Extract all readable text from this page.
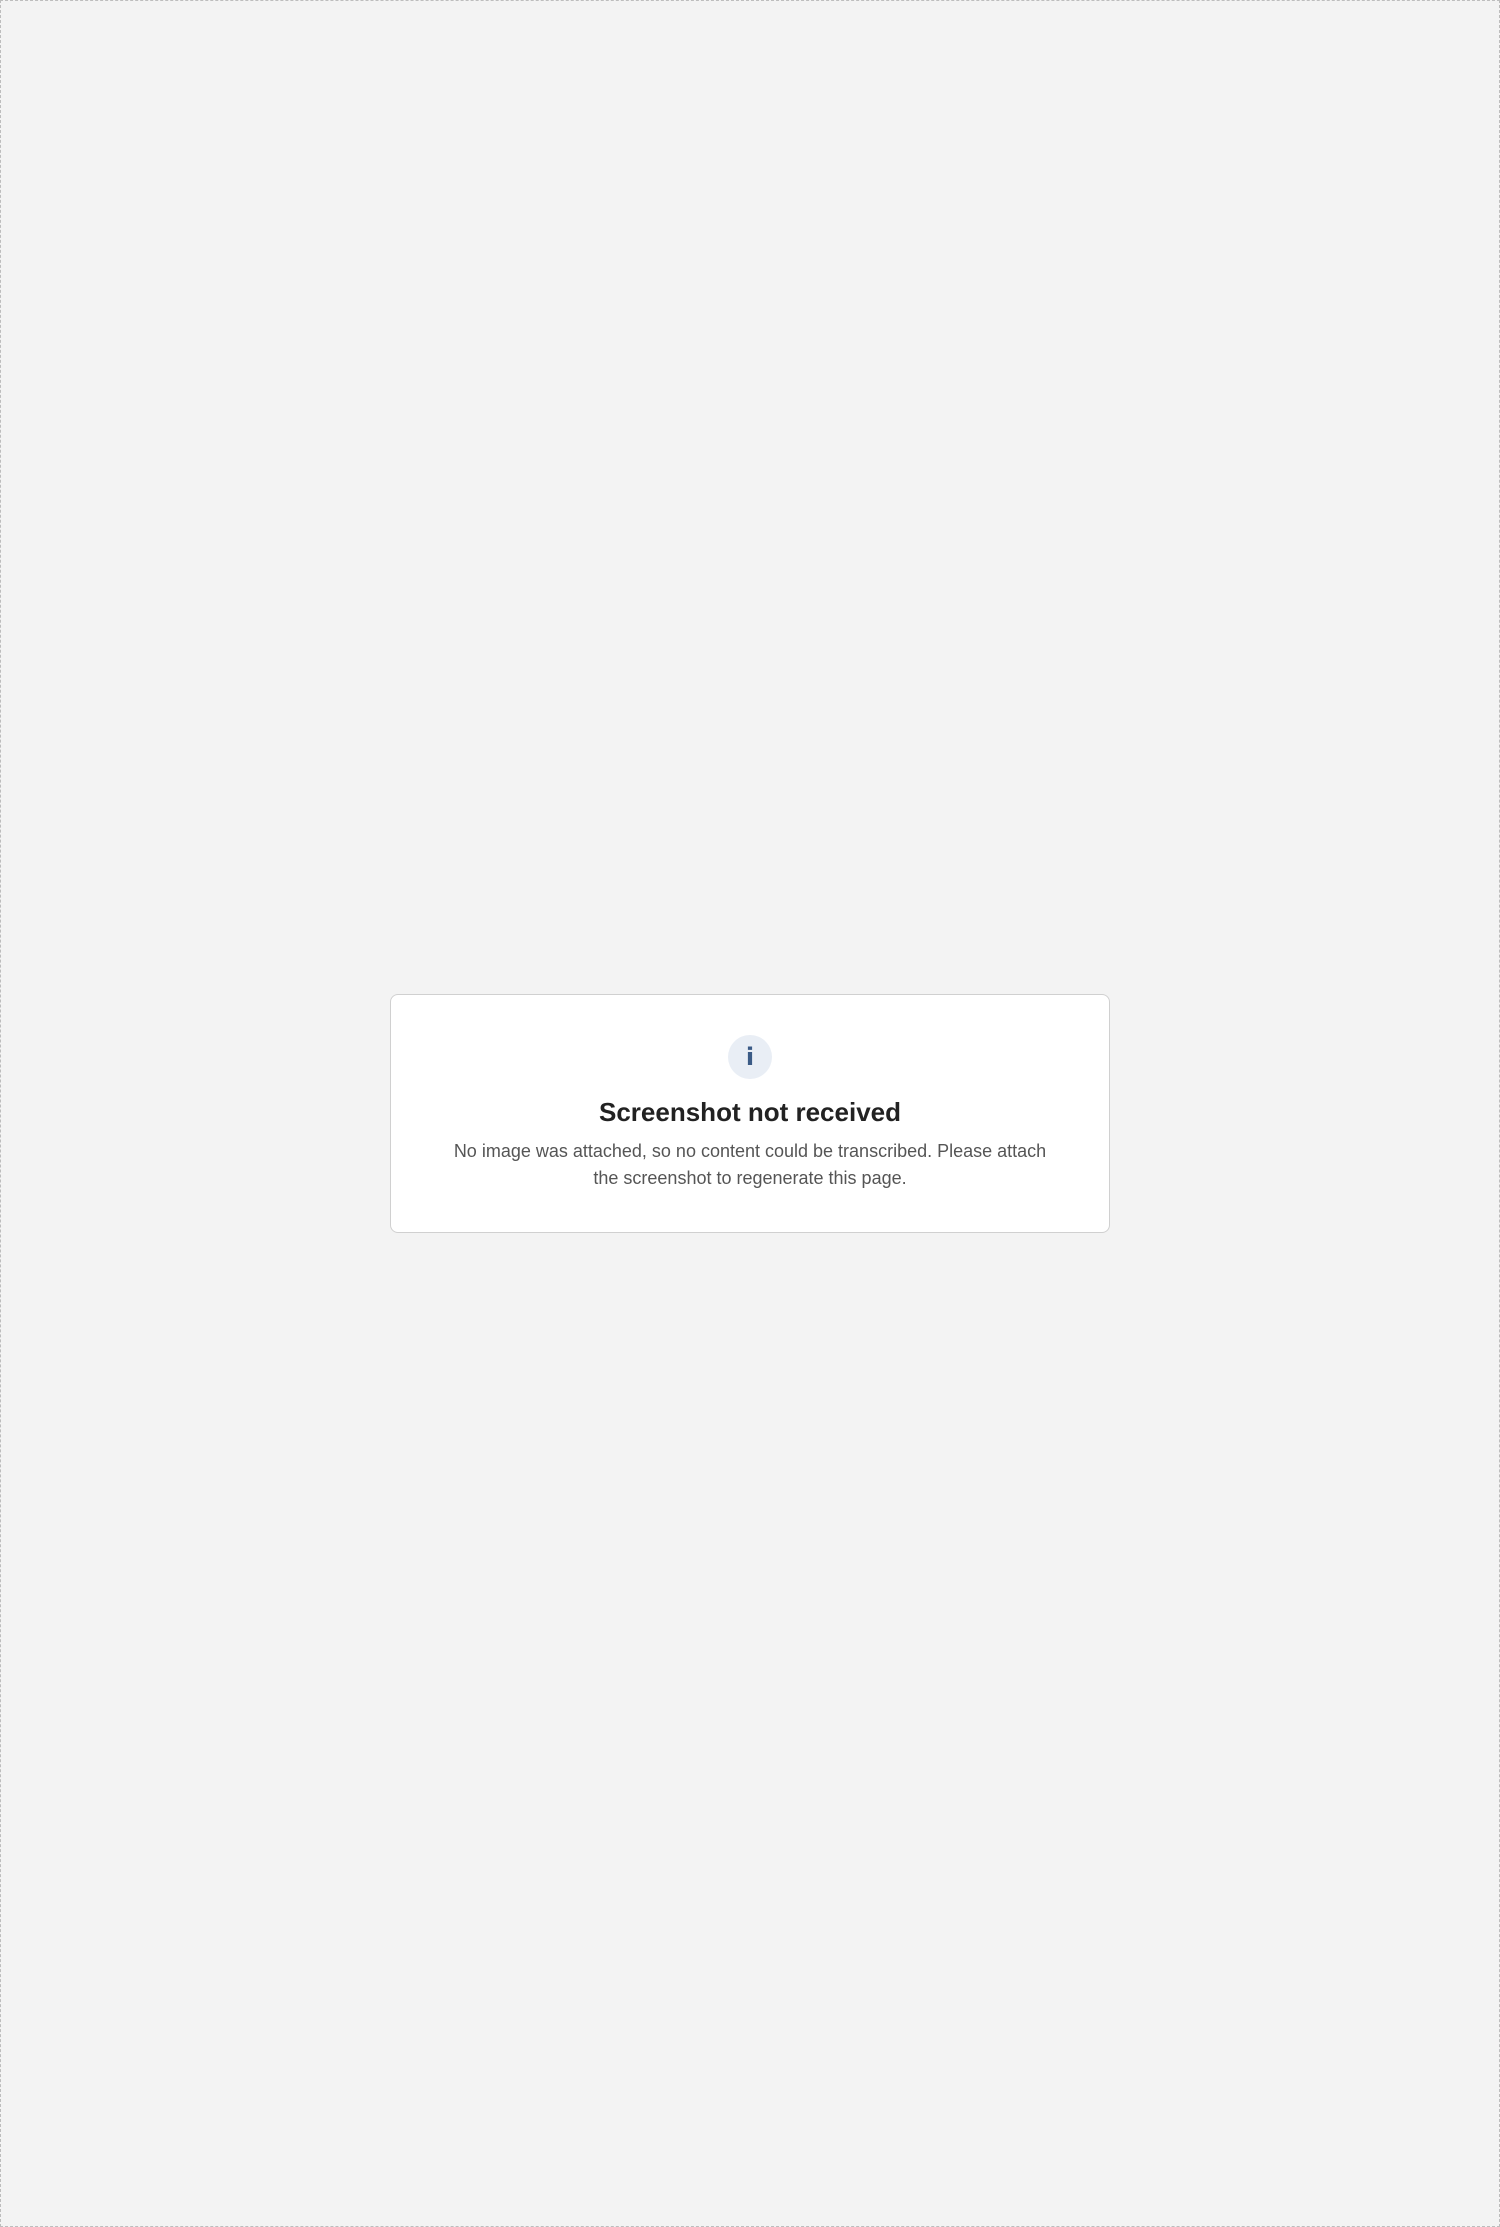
i

Screenshot not received

No image was attached, so no content could be transcribed. Please attach the screenshot to regenerate this page.
